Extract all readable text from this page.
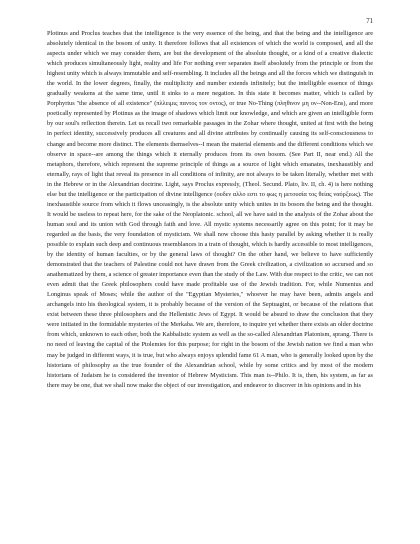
71

Plotinus and Proclus teaches that the intelligence is the very essence of the being, and that the being and the intelligence are absolutely identical in the bosom of unity. It therefore follows that all existences of which the world is composed, and all the aspects under which we may consider them, are but the development of the absolute thought, or a kind of a creative dialectic which produces simultaneously light, reality and life For nothing ever separates itself absolutely from the principle or from the highest unity which is always immutable and self-resembling. It includes all the beings and all the forces which we distinguish in the world. In the lower degrees, finally, the multiplicity and number extends infinitely; but the intelligible essence of things gradually weakens at the same time, until it sinks to a mere negation. In this state it becomes matter, which is called by Porphyrius "the absence of all existence" (πλλειμις παντος τον οντος), or true No-Thing (πληθινον μη ον--Non-Ens), and more poetically represented by Plotinus as the image of shadows which limit our knowledge, and which are given an intelligible form by our soul's reflection therein. Let us recall two remarkable passages in the Zohar where thought, united at first with the being in perfect identity, successively produces all creatures and all divine attributes by continually causing its self-consciousness to change and become more distinct. The elements themselves--I mean the material elements and the different conditions which we observe in space--are among the things which it eternally produces from its own bosom. (See Part II, near end.) All the metaphors, therefore, which represent the supreme principle of things as a source of light which emanates, inexhaustibly and eternally, rays of light that reveal its presence in all conditions of infinity, are not always to be taken literally, whether met with in the Hebrew or in the Alexandrian doctrine. Light, says Proclus expressly, (Theol. Secund. Plato, liv. II, ch. 4) is here nothing else but the intelligence or the participation of divine intelligence (ουδεν αλλο εστι το φως η μετουσία τος θείας ναόρξεως). The inexhaustible source from which it flows unceasingly, is the absolute unity which unites in its bosom the being and the thought. It would be useless to repeat here, for the sake of the Neoplatonic. school, all we have said in the analysis of the Zohar about the human soul and its union with God through faith and love. All mystic systems necessarily agree on this point; for it may be regarded as the basis, the very foundation of mysticism. We shall now choose this hasty parallel by asking whether it is really possible to explain such deep and continuous resemblances in a train of thought, which is hardly accessible to most intelligences, by the identity of human faculties, or by the general laws of thought? On the other hand, we believe to have sufficiently demonstrated that the teachers of Palestine could not have drawn from the Greek civilization, a civilization so accursed and so anathematized by them, a science of greater importance even than the study of the Law. With due respect to the critic, we can not even admit that the Greek philosophers could have made profitable use of the Jewish tradition. For, while Numenius and Longinus speak of Moses; while the author of the "Egyptian Mysteries," whoever he may have been, admits angels and archangels into his theological system, it is probably because of the version of the Septuagint, or because of the relations that exist between these three philosophers and the Hellenistic Jews of Egypt. It would be absurd to draw the conclusion that they were initiated in the formidable mysteries of the Merkaba. We are, therefore, to inquire yet whether there exists an older doctrine from which, unknown to each other, both the Kabbalistic system as well as the so-called Alexandrian Platonism, sprang. There is no need of leaving the capital of the Ptolemies for this purpose; for right in the bosom of the Jewish nation we find a man who may be judged in different ways, it is true, but who always enjoys splendid fame 61 A man, who is generally looked upon by the historians of philosophy as the true founder of the Alexandrian school, while by some critics and by most of the modern historians of Judaism he is considered the inventor of Hebrew Mysticism. This man is--Philo. It is, then, his system, as far as there may be one, that we shall now make the object of our investigation, and endeavor to discover in his opinions and in his
